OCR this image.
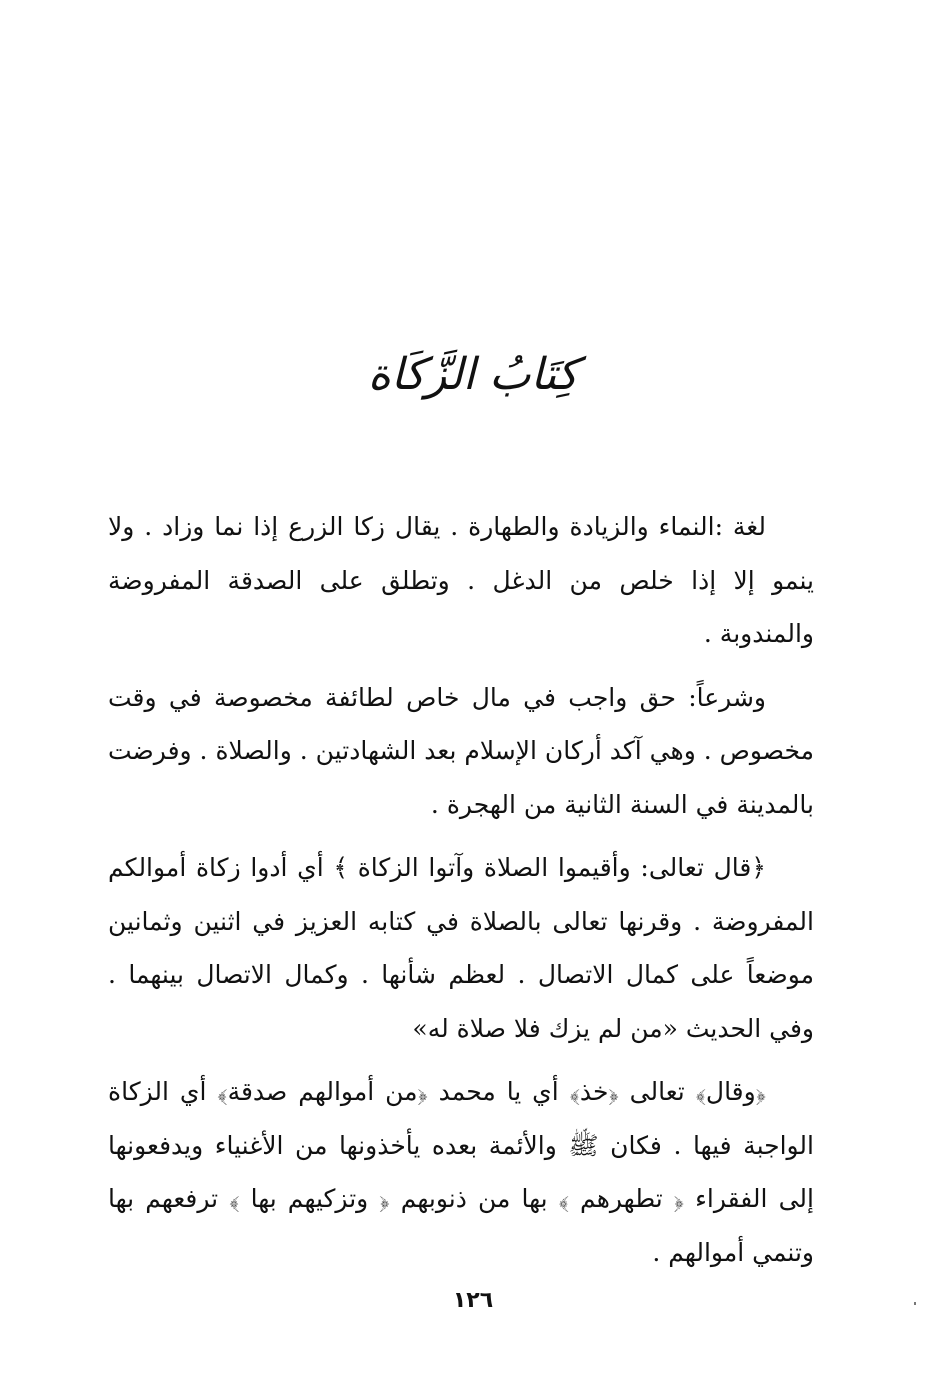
كِتَابُ الزَّكَاة

لغة :النماء والزيادة والطهارة . يقال زكا الزرع إذا نما وزاد . ولا ينمو إلا إذا خلص من الدغل . وتطلق على الصدقة المفروضة والمندوبة .

وشرعاً: حق واجب في مال خاص لطائفة مخصوصة في وقت مخصوص . وهي آكد أركان الإسلام بعد الشهادتين . والصلاة . وفرضت بالمدينة في السنة الثانية من الهجرة .

﴿قال تعالى: وأقيموا الصلاة وآتوا الزكاة ﴾ أي أدوا زكاة أموالكم المفروضة . وقرنها تعالى بالصلاة في كتابه العزيز في اثنين وثمانين موضعاً على كمال الاتصال . لعظم شأنها . وكمال الاتصال بينهما . وفي الحديث «من لم يزك فلا صلاة له»

﴿وقال﴾ تعالى ﴿خذ﴾ أي يا محمد ﴿من أموالهم صدقة﴾ أي الزكاة الواجبة فيها . فكان ﷺ والأئمة بعده يأخذونها من الأغنياء ويدفعونها إلى الفقراء ﴿ تطهرهم ﴾ بها من ذنوبهم ﴿ وتزكيهم بها ﴾ ترفعهم بها وتنمي أموالهم .

١٢٦
